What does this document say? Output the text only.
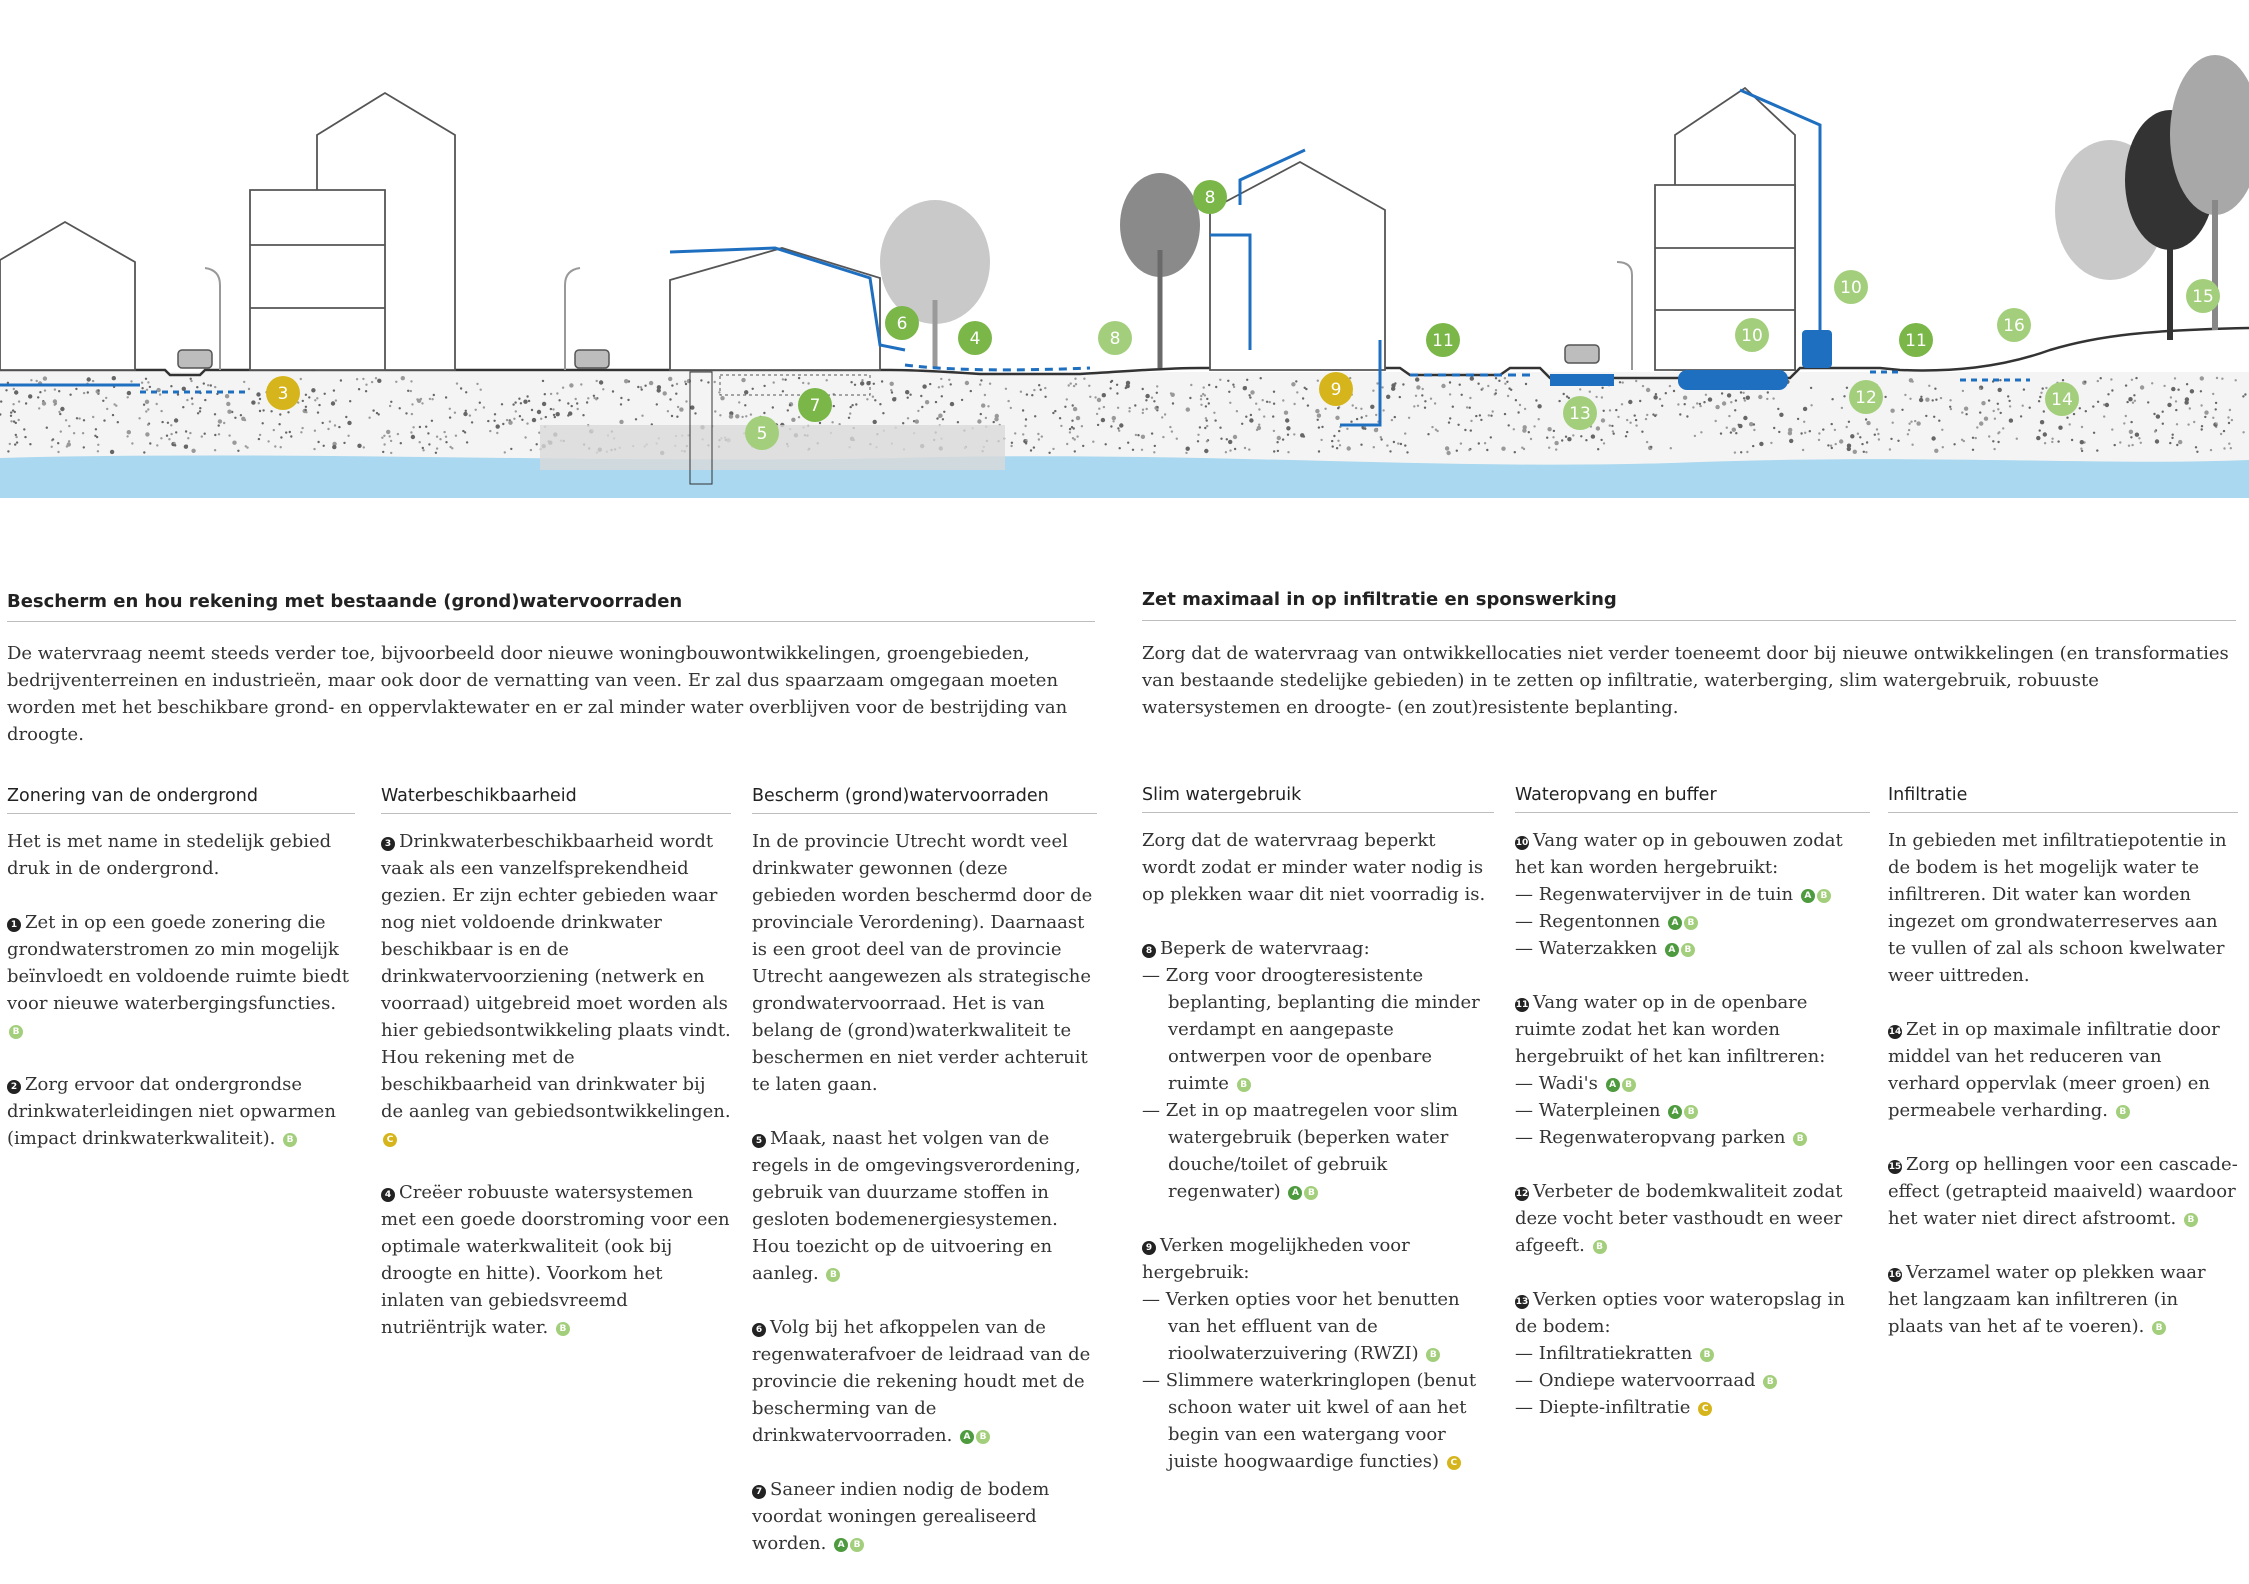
3
4
5
6
7
8
8
9
10
10
11	11
12
13
14
15
16
Bescherm en hou rekening met bestaande (grond)watervoorraden
De watervraag neemt steeds verder toe, bijvoorbeeld door nieuwe woningbouwontwikkelingen, groengebieden, bedrijventerreinen en industrieën, maar ook door de vernatting van veen. Er zal dus spaarzaam omgegaan moeten worden met het beschikbare grond- en oppervlaktewater en er zal minder water overblijven voor de bestrijding van droogte.
Zet maximaal in op infiltratie en sponswerking
Zorg dat de watervraag van ontwikkellocaties niet verder toeneemt door bij nieuwe ontwikkelingen (en transformaties van bestaande stedelijke gebieden) in te zetten op infiltratie, waterberging, slim watergebruik, robuuste watersystemen en droogte- (en zout)resistente beplanting.
Zonering van de ondergrond

Het is met name in stedelijk gebied druk in de ondergrond.

1 Zet in op een goede zonering die grondwaterstromen zo min mogelijk beïnvloedt en voldoende ruimte biedt voor nieuwe waterbergingsfuncties. B

2 Zorg ervoor dat ondergrondse drinkwaterleidingen niet opwarmen (impact drinkwaterkwaliteit). B

Waterbeschikbaarheid

3 Drinkwaterbeschikbaarheid wordt vaak als een vanzelfsprekendheid gezien. Er zijn echter gebieden waar nog niet voldoende drinkwater beschikbaar is en de drinkwatervoorziening (netwerk en voorraad) uitgebreid moet worden als hier gebiedsontwikkeling plaats vindt. Hou rekening met de beschikbaarheid van drinkwater bij de aanleg van gebiedsontwikkelingen. C

4 Creëer robuuste watersystemen met een goede doorstroming voor een optimale waterkwaliteit (ook bij droogte en hitte). Voorkom het inlaten van gebiedsvreemd nutriëntrijk water. B

Bescherm (grond)watervoorraden

In de provincie Utrecht wordt veel drinkwater gewonnen (deze gebieden worden beschermd door de provinciale Verordening). Daarnaast is een groot deel van de provincie Utrecht aangewezen als strategische grondwatervoorraad. Het is van belang de (grond)waterkwaliteit te beschermen en niet verder achteruit te laten gaan.

5 Maak, naast het volgen van de regels in de omgevingsverordening, gebruik van duurzame stoffen in gesloten bodemenergiesystemen. Hou toezicht op de uitvoering en aanleg. B

6 Volg bij het afkoppelen van de regenwaterafvoer de leidraad van de provincie die rekening houdt met de bescherming van de drinkwatervoorraden. A B

7 Saneer indien nodig de bodem voordat woningen gerealiseerd worden. A B

Slim watergebruik

Zorg dat de watervraag beperkt wordt zodat er minder water nodig is op plekken waar dit niet voorradig is.

8 Beperk de watervraag:
— Zorg voor droogteresistente beplanting, beplanting die minder verdampt en aangepaste ontwerpen voor de openbare ruimte B
— Zet in op maatregelen voor slim watergebruik (beperken water douche/toilet of gebruik regenwater) A B

9 Verken mogelijkheden voor hergebruik:
— Verken opties voor het benutten van het effluent van de rioolwaterzuivering (RWZI) B
— Slimmere waterkringlopen (benut schoon water uit kwel of aan het begin van een watergang voor juiste hoogwaardige functies) C

Wateropvang en buffer

10 Vang water op in gebouwen zodat het kan worden hergebruikt:
— Regenwatervijver in de tuin A B
— Regentonnen A B
— Waterzakken A B

11 Vang water op in de openbare ruimte zodat het kan worden hergebruikt of het kan infiltreren:
— Wadi's A B
— Waterpleinen A B
— Regenwateropvang parken B

12 Verbeter de bodemkwaliteit zodat deze vocht beter vasthoudt en weer afgeeft. B

13 Verken opties voor wateropslag in de bodem:
— Infiltratiekratten B
— Ondiepe watervoorraad B
— Diepte-infiltratie C

Infiltratie

In gebieden met infiltratiepotentie in de bodem is het mogelijk water te infiltreren. Dit water kan worden ingezet om grondwaterreserves aan te vullen of zal als schoon kwelwater weer uittreden.

14 Zet in op maximale infiltratie door middel van het reduceren van verhard oppervlak (meer groen) en permeabele verharding. B

15 Zorg op hellingen voor een cascade-effect (getrapteid maaiveld) waardoor het water niet direct afstroomt. B

16 Verzamel water op plekken waar het langzaam kan infiltreren (in plaats van het af te voeren). B
